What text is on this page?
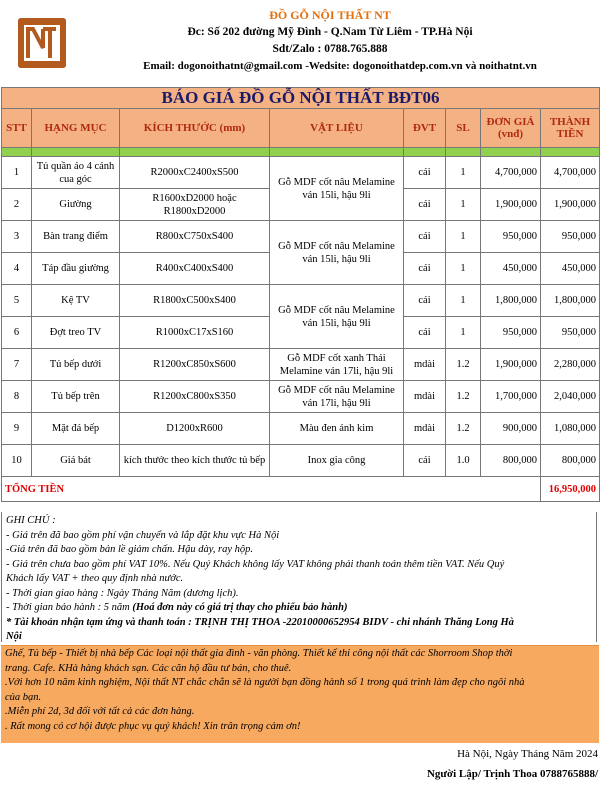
ĐỒ GỖ NỘI THẤT NT
Đc: Số 202 đường Mỹ Đình - Q.Nam Từ Liêm - TP.Hà Nội
Sdt/Zalo : 0788.765.888
Email: dogonoithatnt@gmail.com -Wedsite: dogonoithatdep.com.vn và noithatnt.vn
BÁO GIÁ ĐỒ GỖ NỘI THẤT BĐT06							
STT	HẠNG MỤC	KÍCH THƯỚC (mm)	VẬT LIỆU	ĐVT	SL	ĐƠN GIÁ (vnđ)	THÀNH TIỀN

1	Tủ quần áo 4 cánh cua góc	R2000xC2400xS500	Gỗ MDF cốt nâu Melamine ván 15li, hậu 9li	cái	1	4,700,000	4,700,000
2	Giường	R1600xD2000 hoặc R1800xD2000		cái	1	1,900,000	1,900,000
3	Bàn trang điểm	R800xC750xS400	Gỗ MDF cốt nâu Melamine ván 15li, hậu 9li	cái	1	950,000	950,000
4	Táp đầu giường	R400xC400xS400		cái	1	450,000	450,000
5	Kệ TV	R1800xC500xS400	Gỗ MDF cốt nâu Melamine ván 15li, hậu 9li	cái	1	1,800,000	1,800,000
6	Đợt treo TV	R1000xC17xS160		cái	1	950,000	950,000
7	Tủ bếp dưới	R1200xC850xS600	Gỗ MDF cốt xanh Thái Melamine ván 17li, hậu 9li	mdài	1.2	1,900,000	2,280,000
8	Tủ bếp trên	R1200xC800xS350	Gỗ MDF cốt nâu Melamine ván 17li, hậu 9li	mdài	1.2	1,700,000	2,040,000
9	Mặt đá bếp	D1200xR600	Màu đen ánh kim	mdài	1.2	900,000	1,080,000
10	Giá bát	kích thước theo kích thước tủ bếp	Inox gia công	cái	1.0	800,000	800,000
TỔNG TIỀN							16,950,000
GHI CHÚ :
- Giá trên đã bao gồm phí vận chuyển và lắp đặt khu vực Hà Nội
-Giá trên đã bao gồm bản lề giảm chấn. Hậu dày, ray hộp.
- Giá trên chưa bao gồm phí VAT 10%. Nếu Quý Khách không lấy VAT không phải thanh toán thêm tiền VAT. Nếu Quý
Khách lấy VAT + theo quy định nhà nước.
- Thời gian giao hàng : Ngày Tháng Năm (dương lịch).
- Thời gian bảo hành : 5 năm (Hoá đơn này có giá trị thay cho phiếu bảo hành)
* Tài khoản nhận tạm ứng và thanh toán : TRỊNH THỊ THOA -22010000652954 BIDV - chi nhánh Thăng Long Hà
Nội
Ghế, Tủ bếp - Thiết bị nhà bếp Các loại nội thất gia đình - văn phòng. Thiết kế thi công nội thất các Shorroom Shop thời
trang. Cafe. KHà hàng khách sạn. Các căn hộ đầu tư bán, cho thuê.
.Với hơn 10 năm kinh nghiệm, Nội thất NT chắc chắn sẽ là người bạn đồng hành số 1 trong quá trình làm đẹp cho ngôi nhà
của bạn.
.Miễn phí 2d, 3d đối với tất cả các đơn hàng.
. Rất mong có cơ hội được phục vụ quý khách! Xin trân trọng cảm ơn!
Hà Nội, Ngày Tháng Năm 2024
Người Lập/ Trịnh Thoa 0788765888/
